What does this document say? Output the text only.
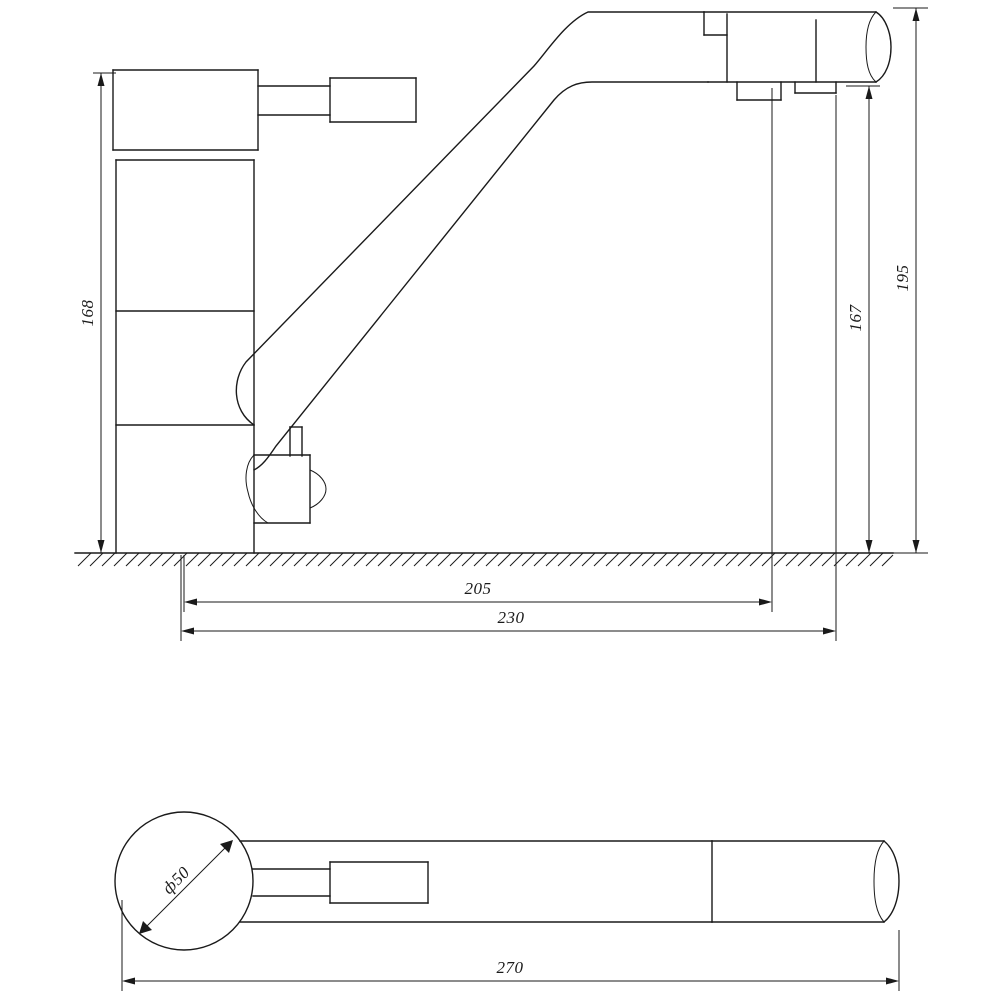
168	167
195
205
230
ф50
270
